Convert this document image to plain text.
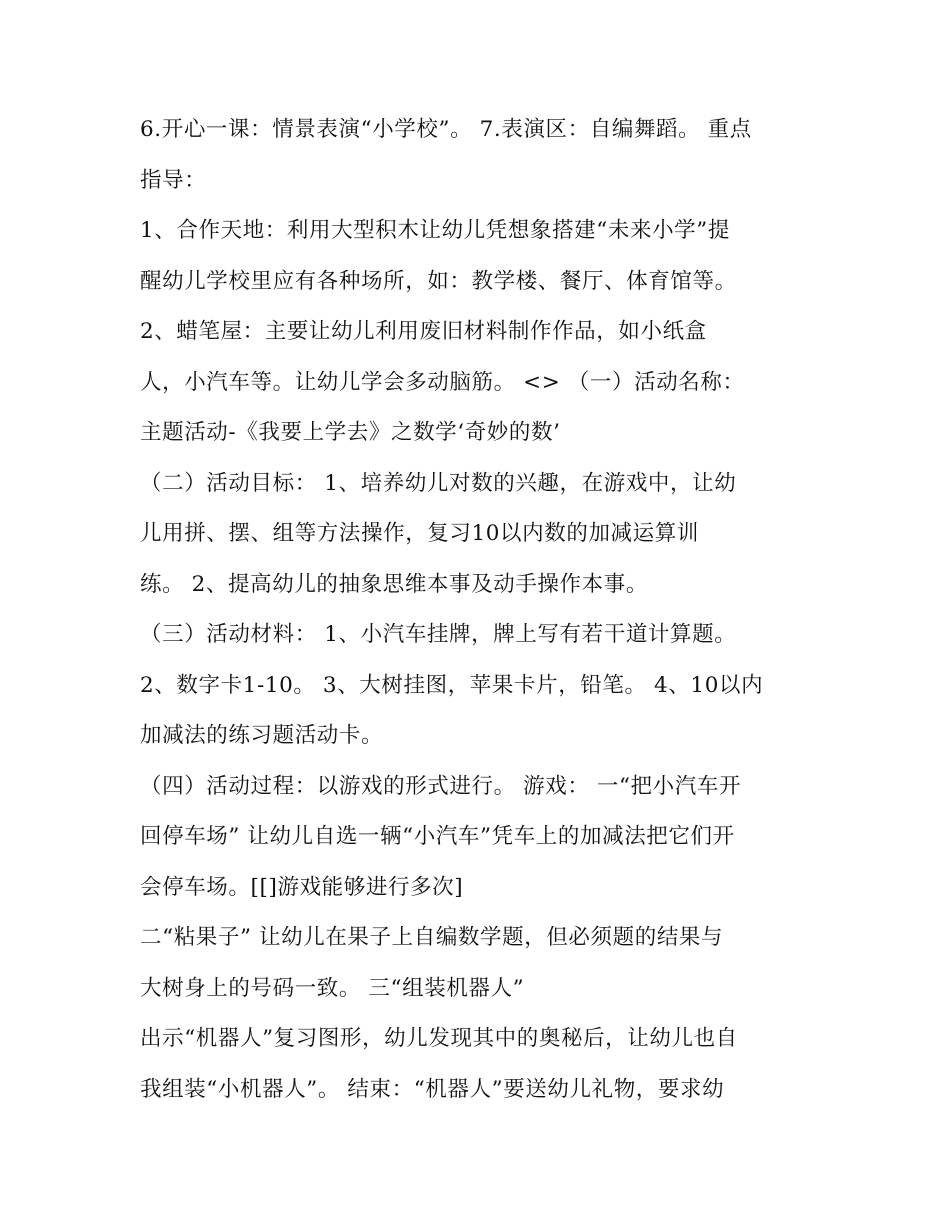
6.开心一课：情景表演“小学校”。 7.表演区：自编舞蹈。 重点
指导：
1、合作天地：利用大型积木让幼儿凭想象搭建“未来小学”提
醒幼儿学校里应有各种场所，如：教学楼、餐厅、体育馆等。
2、蜡笔屋：主要让幼儿利用废旧材料制作作品，如小纸盒
人，小汽车等。让幼儿学会多动脑筋。 <> （一）活动名称：
主题活动-《我要上学去》之数学‘奇妙的数’
（二）活动目标： 1、培养幼儿对数的兴趣，在游戏中，让幼
儿用拼、摆、组等方法操作，复习10以内数的加减运算训
练。 2、提高幼儿的抽象思维本事及动手操作本事。
（三）活动材料： 1、小汽车挂牌，牌上写有若干道计算题。
2、数字卡1-10。 3、大树挂图，苹果卡片，铅笔。 4、10以内
加减法的练习题活动卡。
（四）活动过程：以游戏的形式进行。 游戏： 一“把小汽车开
回停车场” 让幼儿自选一辆“小汽车”凭车上的加减法把它们开
会停车场。[[]游戏能够进行多次]
二“粘果子” 让幼儿在果子上自编数学题，但必须题的结果与
大树身上的号码一致。 三“组装机器人”
出示“机器人”复习图形，幼儿发现其中的奥秘后，让幼儿也自
我组装“小机器人”。 结束：“机器人”要送幼儿礼物，要求幼
